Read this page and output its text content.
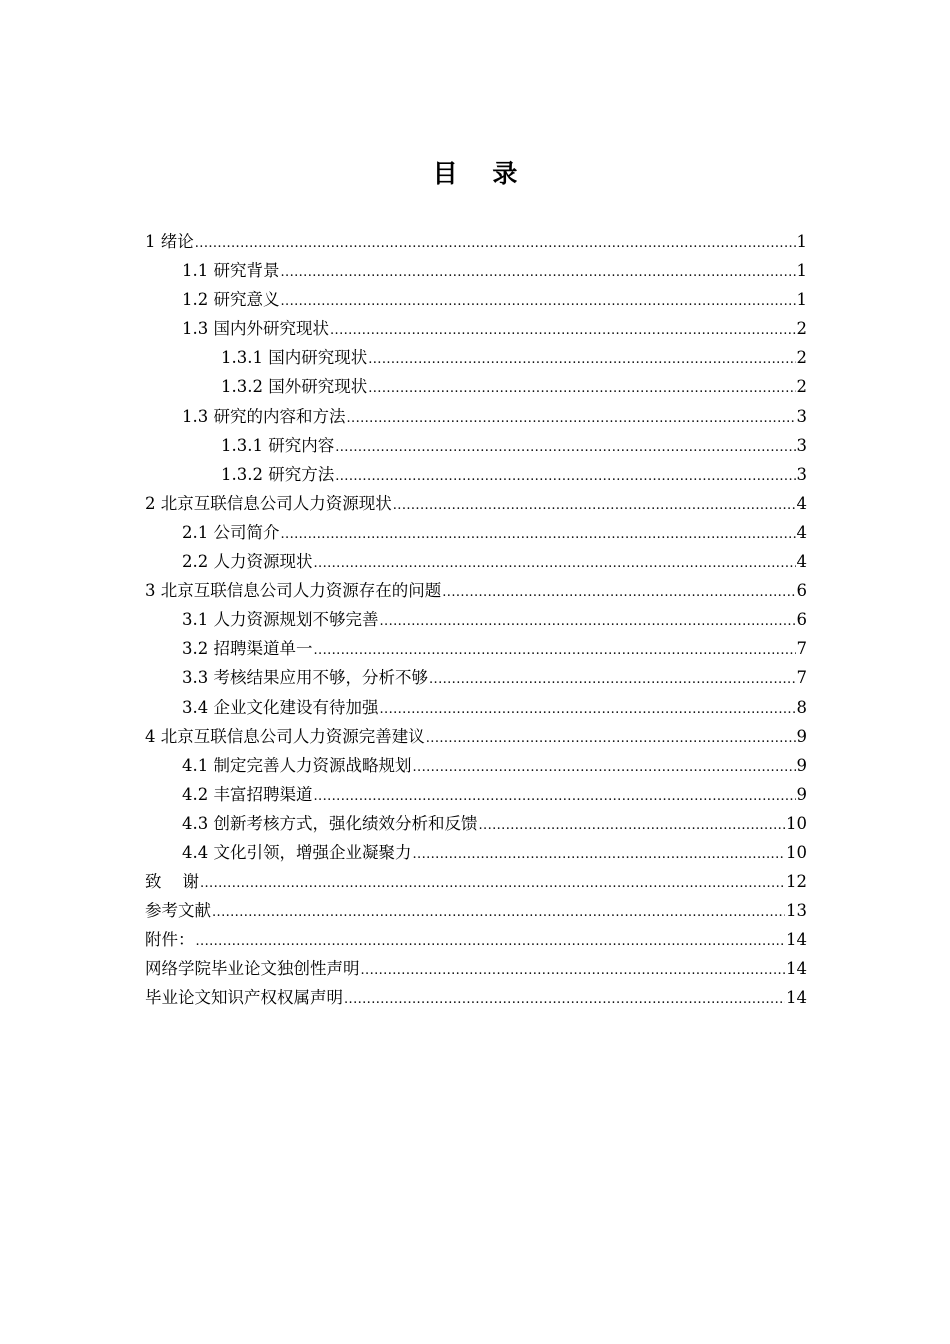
目    录
1 绪论 .....	1
1.1 研究背景 .....	1
1.2 研究意义 .....	1
1.3 国内外研究现状 .....	2
1.3.1 国内研究现状 .....	2
1.3.2 国外研究现状 .....	2
1.3 研究的内容和方法 .....	3
1.3.1 研究内容 .....	3
1.3.2 研究方法 .....	3
2 北京互联信息公司人力资源现状 .....	4
2.1 公司简介 .....	4
2.2 人力资源现状 .....	4
3 北京互联信息公司人力资源存在的问题 .....	6
3.1 人力资源规划不够完善 .....	6
3.2 招聘渠道单一 .....	7
3.3 考核结果应用不够，分析不够 .....	7
3.4 企业文化建设有待加强 .....	8
4 北京互联信息公司人力资源完善建议 .....	9
4.1 制定完善人力资源战略规划 .....	9
4.2 丰富招聘渠道 .....	9
4.3 创新考核方式，强化绩效分析和反馈 .....	10
4.4 文化引领，增强企业凝聚力 .....	10
致    谢 .....	12
参考文献 .....	13
附件： .....	14
网络学院毕业论文独创性声明 .....	14
毕业论文知识产权权属声明 .....	14
